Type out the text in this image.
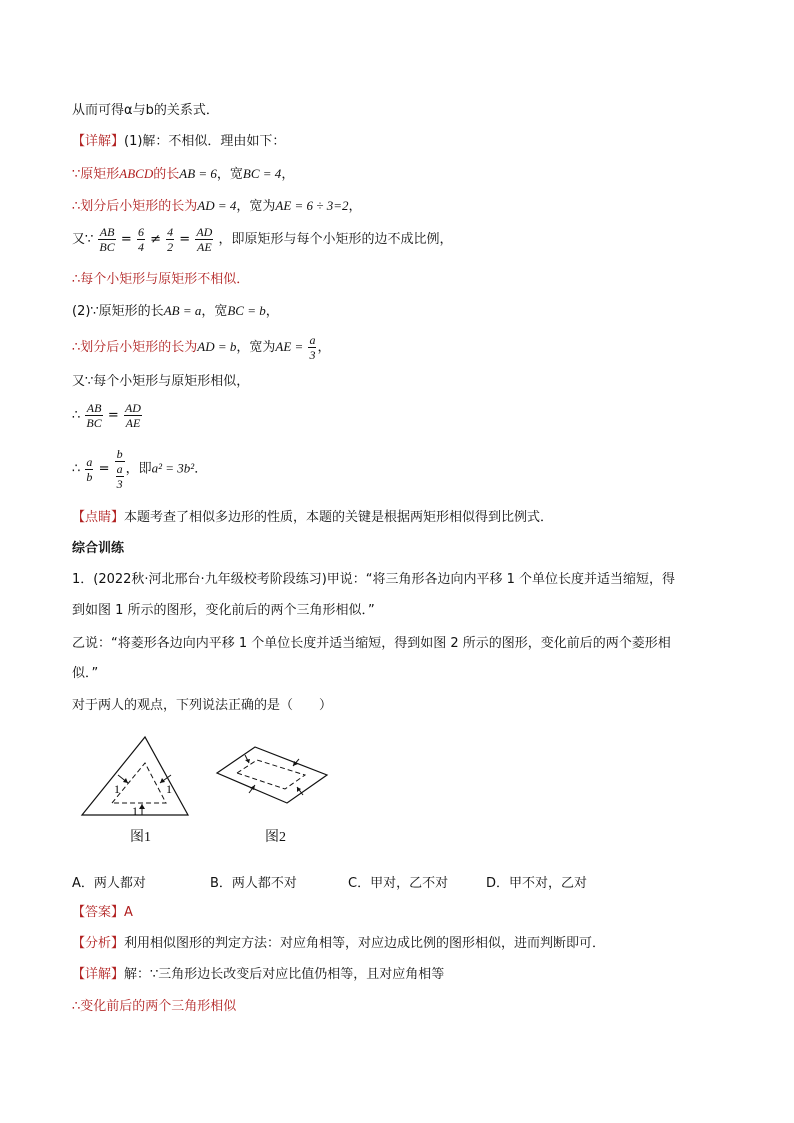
从而可得α与b的关系式．
【详解】(1)解：不相似．理由如下：
∵原矩形ABCD的长AB = 6，宽BC = 4，
∴划分后小矩形的长为AD = 4，宽为AE = 6 ÷ 3=2，
又∵ $\frac{AB}{BC} = \frac{6}{4} \ne \frac{4}{2} = \frac{AD}{AE}$ ，即原矩形与每个小矩形的边不成比例，
∴每个小矩形与原矩形不相似．
(2)∵原矩形的长AB = a，宽BC = b，
∴划分后小矩形的长为AD = b，宽为AE = $\frac{a}{3}$ ，
又∵每个小矩形与原矩形相似，
∴ $\frac{AB}{BC} = \frac{AD}{AE}$
∴ $\frac{a}{b} = b$
a
3 ，即a² = 3b²．
【点睛】本题考查了相似多边形的性质，本题的关键是根据两矩形相似得到比例式．
综合训练
1．(2022秋·河北邢台·九年级校考阶段练习)甲说：“将三角形各边向内平移 1 个单位长度并适当缩短，得
到如图 1 所示的图形，变化前后的两个三角形相似．”
乙说：“将菱形各边向内平移 1 个单位长度并适当缩短，得到如图 2 所示的图形，变化前后的两个菱形相
似．”
对于两人的观点，下列说法正确的是（　　）
1	1
1
图1	图2
A．两人都对	B．两人都不对	C．甲对，乙不对	D．甲不对，乙对
【答案】A
【分析】利用相似图形的判定方法：对应角相等，对应边成比例的图形相似，进而判断即可．
【详解】解：∵三角形边长改变后对应比值仍相等，且对应角相等
∴变化前后的两个三角形相似
